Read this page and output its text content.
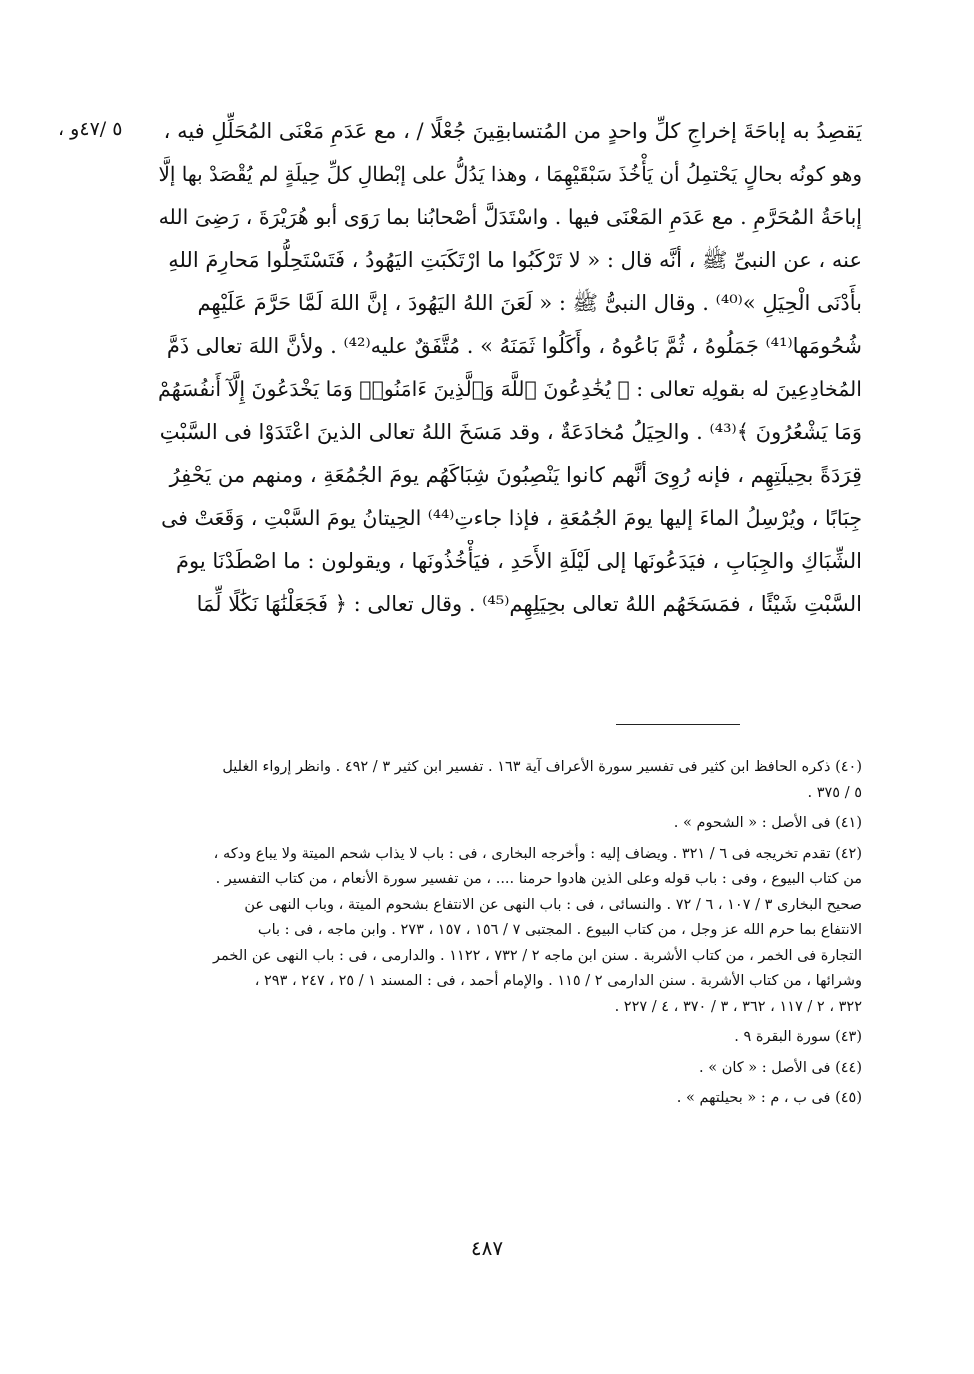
٥ /٤٧و ،	يَقصِدُ به إباحَةَ إخراجِ كلِّ واحدٍ من المُتسابقِينَ جُعْلًا / ، مع عَدَمِ مَعْنَى المُحَلِّلِ فيه ،
وهو كونُه بحالٍ يَحْتمِلُ أن يَأْخُذَ سَبْقَيْهِمَا ، وهذا يَدُلُّ على إبْطالِ كلِّ حِيلَةٍ لم يُقْصَدْ بها إلَّا
إباحَةُ المُحَرَّمِ . مع عَدَمِ المَعْنَى فيها . واسْتَدَلَّ أصْحابُنا بما رَوَى أبو هُرَيْرَةَ ، رَضِىَ الله
عنه ، عن النبىِّ ﷺ ، أنَّه قال : « لا تَرْكَبُوا ما ارْتَكَبَتِ اليَهُودُ ، فَتَسْتَحِلُّوا مَحارِمَ اللهِ
بأَدْنَى الْحِيَلِ »⁽⁴⁰⁾ . وقال النبىُّ ﷺ : « لَعَنَ اللهُ اليَهُودَ ، إنَّ اللهَ لَمَّا حَرَّمَ عَلَيْهِم
شُحُومَها⁽⁴¹⁾ جَمَلُوهُ ، ثُمَّ بَاعُوهُ ، وأَكَلُوا ثَمَنَهُ » . مُتَّفَقٌ عليه⁽⁴²⁾ . ولأنَّ اللهَ تعالى ذَمَّ
المُخادِعِينَ له بقولِه تعالى : ﴿ يُخَٰدِعُونَ ٱللَّهَ وَٱلَّذِينَ ءَامَنُوا۟ وَمَا يَخْدَعُونَ إِلَّآ أَنفُسَهُمْ
وَمَا يَشْعُرُونَ ﴾⁽⁴³⁾ . والحِيَلُ مُخادَعَةٌ ، وقد مَسَخَ اللهُ تعالى الذينَ اعْتَدَوْا فى السَّبْتِ
قِرَدَةً بحِيلَتِهِم ، فإنه رُوِىَ أنَّهم كانوا يَنْصِبُونَ شِبَاكَهُم يومَ الجُمُعَةِ ، ومنهم من يَحْفِرُ
جِبَابًا ، ويُرْسِلُ الماءَ إليها يومَ الجُمُعَةِ ، فإذا جاءتِ⁽⁴⁴⁾ الحِيتانُ يومَ السَّبْتِ ، وَقَعَتْ فى
الشِّبَاكِ والجِبَابِ ، فيَدَعُونَها إلى لَيْلَةِ الأَحَدِ ، فيَأْخُذُونَها ، ويقولون : ما اصْطَدْنَا يومَ
السَّبْتِ شَيْئًا ، فمَسَخَهُم اللهُ تعالى بحِيَلِهِم⁽⁴⁵⁾ . وقال تعالى : ﴿ فَجَعَلْنَٰهَا نَكَٰلًا لِّمَا
(٤٠) ذكره الحافظ ابن كثير فى تفسير سورة الأعراف آية ١٦٣ . تفسير ابن كثير ٣ / ٤٩٢ . وانظر إرواء الغليل
٥ / ٣٧٥ .
(٤١) فى الأصل : « الشحوم » .
(٤٢) تقدم تخريجه فى ٦ / ٣٢١ . ويضاف إليه : وأخرجه البخارى ، فى : باب لا يذاب شحم الميتة ولا يباع ودكه ،
من كتاب البيوع ، وفى : باب قوله وعلى الذين هادوا حرمنا .... ، من تفسير سورة الأنعام ، من كتاب التفسير .
صحيح البخارى ٣ / ١٠٧ ، ٦ / ٧٢ . والنسائى ، فى : باب النهى عن الانتفاع بشحوم الميتة ، وباب النهى عن
الانتفاع بما حرم الله عز وجل ، من كتاب البيوع . المجتبى ٧ / ١٥٦ ، ١٥٧ ، ٢٧٣ . وابن ماجه ، فى : باب
التجارة فى الخمر ، من كتاب الأشربة . سنن ابن ماجه ٢ / ٧٣٢ ، ١١٢٢ . والدارمى ، فى : باب النهى عن الخمر
وشرائها ، من كتاب الأشربة . سنن الدارمى ٢ / ١١٥ . والإمام أحمد ، فى : المسند ١ / ٢٥ ، ٢٤٧ ، ٢٩٣ ،
٣٢٢ ، ٢ / ١١٧ ، ٣٦٢ ، ٣ / ٣٧٠ ، ٤ / ٢٢٧ .
(٤٣) سورة البقرة ٩ .
(٤٤) فى الأصل : « كان » .
(٤٥) فى ب ، م : « بحيلتهم » .
٤٨٧
